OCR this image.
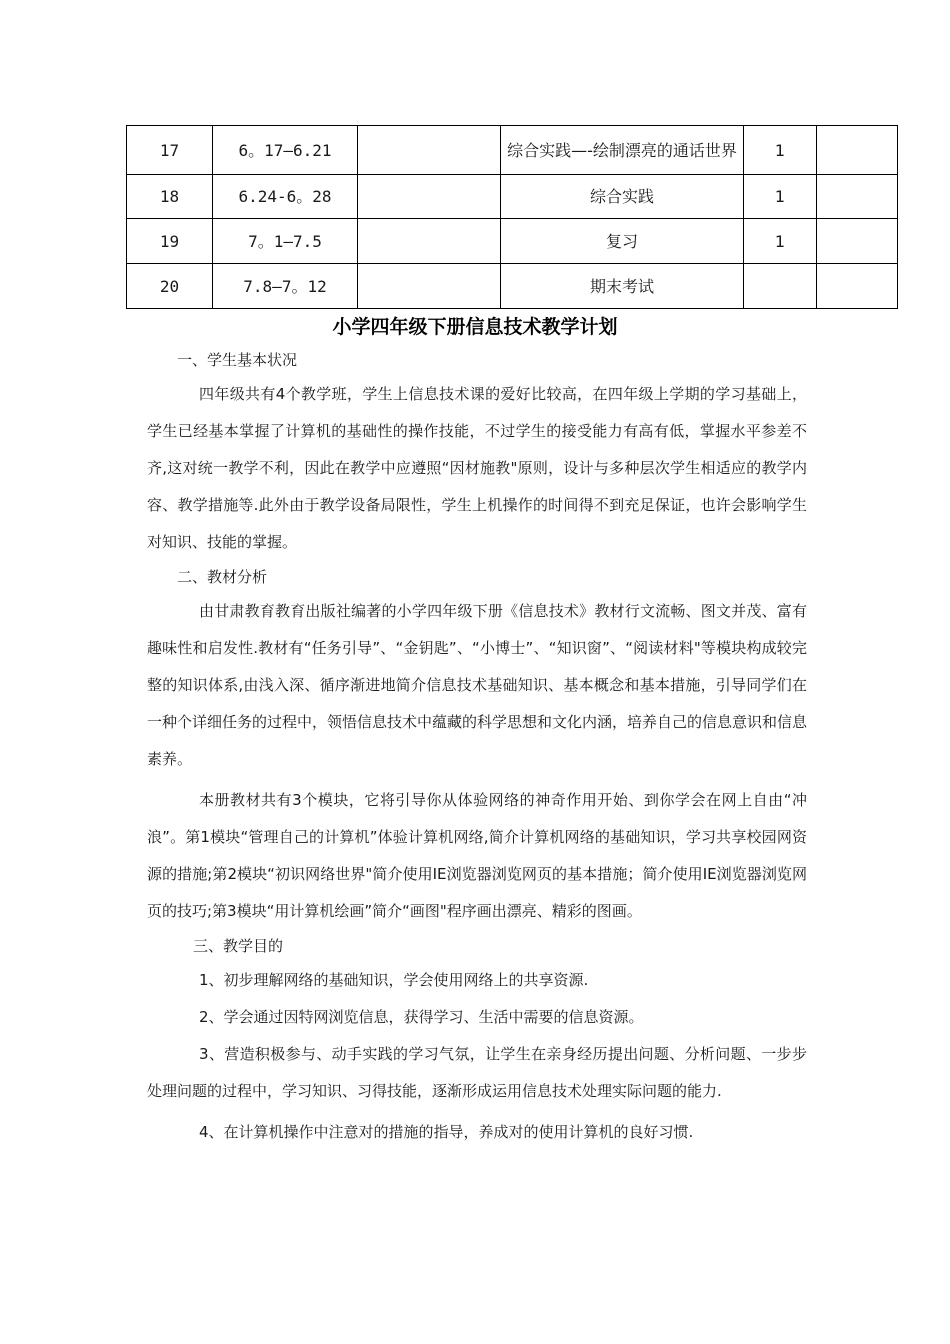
17	6。17—6.21		综合实践—-绘制漂亮的通话世界	1	
18	6.24-6。28		综合实践	1	
19	7。1—7.5		复习	1	
20	7.8—7。12		期末考试		
小学四年级下册信息技术教学计划

一、学生基本状况

四年级共有4个教学班，学生上信息技术课的爱好比较高，在四年级上学期的学习基础上，学生已经基本掌握了计算机的基础性的操作技能，不过学生的接受能力有高有低，掌握水平参差不齐,这对统一教学不利，因此在教学中应遵照“因材施教"原则，设计与多种层次学生相适应的教学内容、教学措施等.此外由于教学设备局限性，学生上机操作的时间得不到充足保证，也许会影响学生对知识、技能的掌握。

二、教材分析

由甘肃教育教育出版社编著的小学四年级下册《信息技术》教材行文流畅、图文并茂、富有趣味性和启发性.教材有“任务引导”、“金钥匙”、“小博士”、“知识窗”、“阅读材料"等模块构成较完整的知识体系,由浅入深、循序渐进地简介信息技术基础知识、基本概念和基本措施，引导同学们在一种个详细任务的过程中，领悟信息技术中蕴藏的科学思想和文化内涵，培养自己的信息意识和信息素养。

本册教材共有3个模块，它将引导你从体验网络的神奇作用开始、到你学会在网上自由“冲浪”。第1模块“管理自己的计算机”体验计算机网络,简介计算机网络的基础知识，学习共享校园网资源的措施;第2模块“初识网络世界"简介使用IE浏览器浏览网页的基本措施；简介使用IE浏览器浏览网页的技巧;第3模块“用计算机绘画”简介“画图"程序画出漂亮、精彩的图画。

三、教学目的

1、初步理解网络的基础知识，学会使用网络上的共享资源.

2、学会通过因特网浏览信息，获得学习、生活中需要的信息资源。

3、营造积极参与、动手实践的学习气氛，让学生在亲身经历提出问题、分析问题、一步步处理问题的过程中，学习知识、习得技能，逐渐形成运用信息技术处理实际问题的能力.

4、在计算机操作中注意对的措施的指导，养成对的使用计算机的良好习惯.
